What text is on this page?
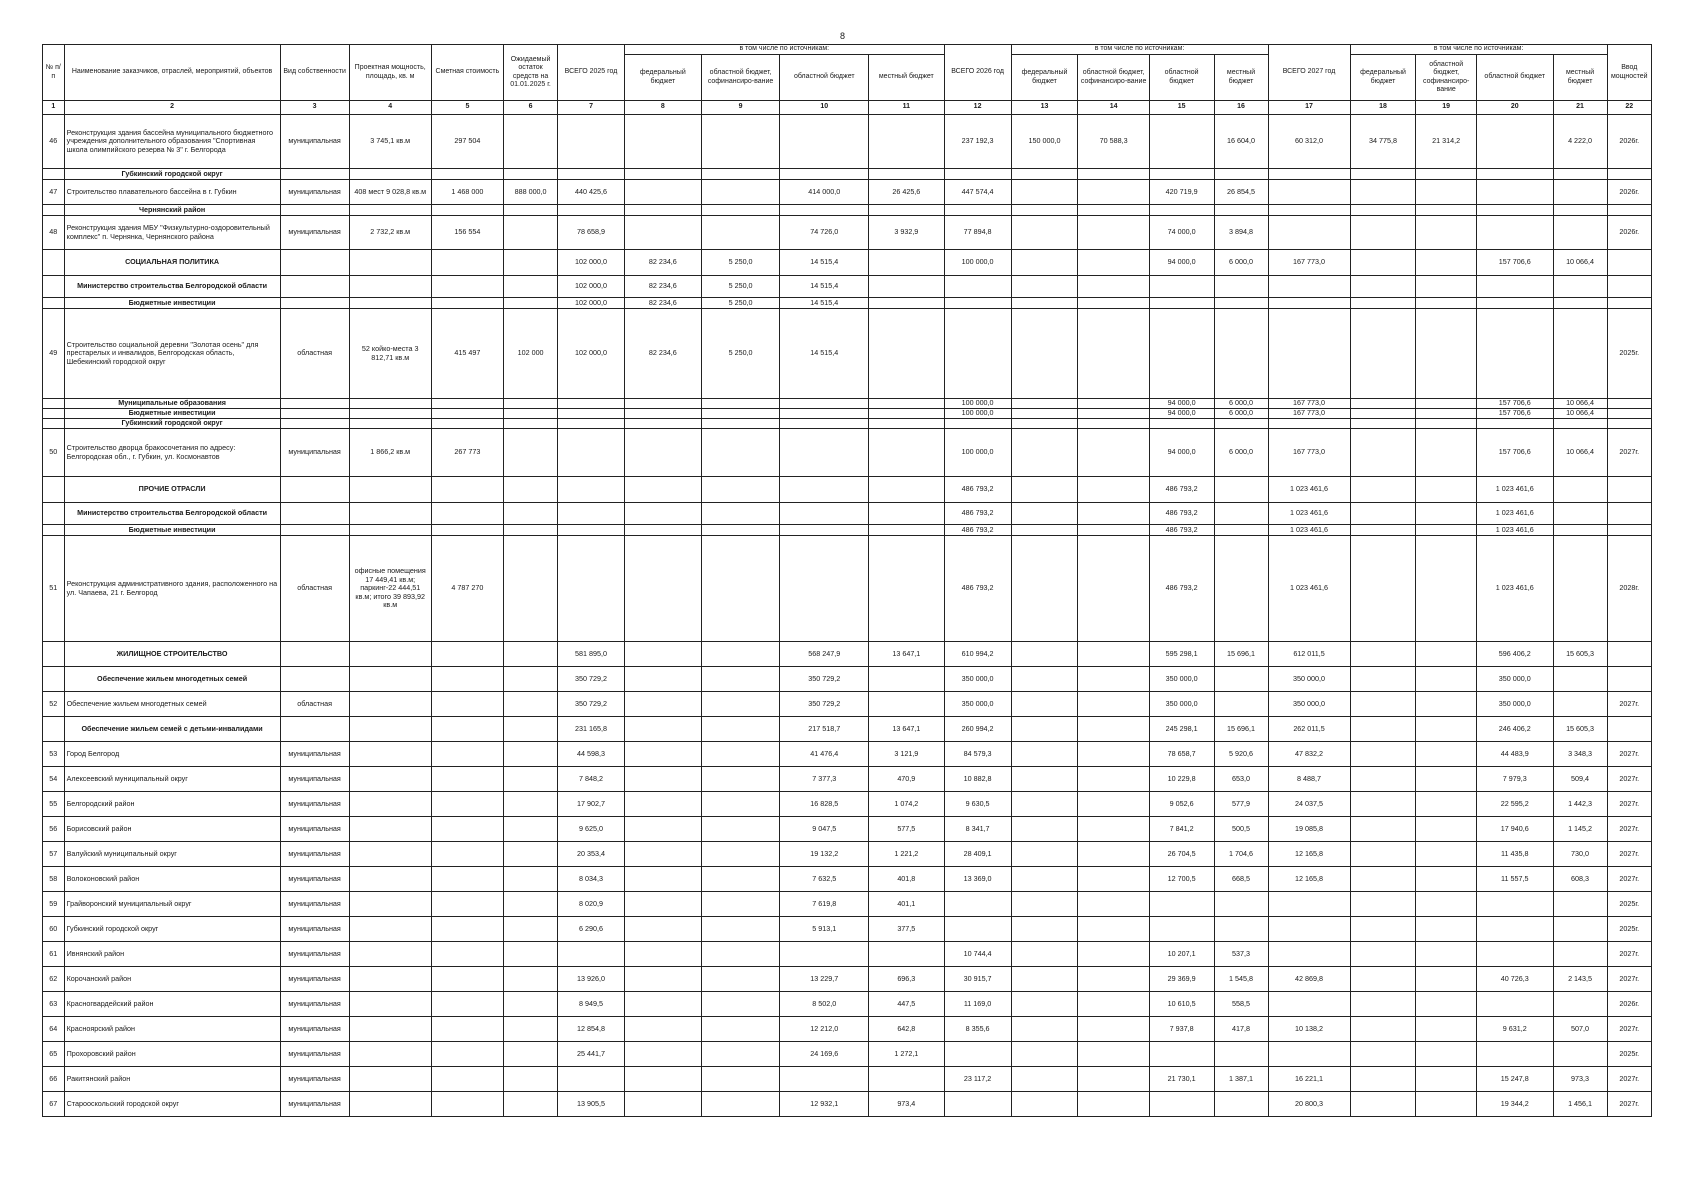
8
№ п/п	Наименование заказчиков, отраслей, мероприятий, объектов	Вид собственности	Проектная мощность, площадь, кв. м	Сметная стоимость	Ожидаемый остаток средств на 01.01.2025 г.	ВСЕГО 2025 год	в том числе по источникам:				ВСЕГО 2026 год	в том числе по источникам:				ВСЕГО 2027 год	в том числе по источникам:				Ввод мощностей
							федеральный бюджет	областной бюджет, софинансиро-вание	областной бюджет	местный бюджет		федеральный бюджет	областной бюджет, софинансиро-вание	областной бюджет	местный бюджет		федеральный бюджет	областной бюджет, софинансиро-вание	областной бюджет	местный бюджет	
1	2	3	4	5	6	7	8	9	10	11	12	13	14	15	16	17	18	19	20	21	22
46	Реконструкция здания бассейна муниципального бюджетного учреждения дополнительного образования "Спортивная школа олимпийского резерва № 3" г. Белгорода	муниципальная	3 745,1 кв.м	297 504							237 192,3	150 000,0	70 588,3		16 604,0	60 312,0	34 775,8	21 314,2		4 222,0	2026г.
	Губкинский городской округ																				
47	Строительство плавательного бассейна в г. Губкин	муниципальная	408 мест 9 028,8 кв.м	1 468 000	888 000,0	440 425,6			414 000,0	26 425,6	447 574,4			420 719,9	26 854,5						2026г.
	Чернянский район																				
48	Реконструкция здания МБУ "Физкультурно-оздоровительный комплекс" п. Чернянка, Чернянского района	муниципальная	2 732,2 кв.м	156 554		78 658,9			74 726,0	3 932,9	77 894,8			74 000,0	3 894,8						2026г.
	СОЦИАЛЬНАЯ ПОЛИТИКА					102 000,0	82 234,6	5 250,0	14 515,4		100 000,0			94 000,0	6 000,0	167 773,0			157 706,6	10 066,4	
	Министерство строительства Белгородской области					102 000,0	82 234,6	5 250,0	14 515,4												
	Бюджетные инвестиции					102 000,0	82 234,6	5 250,0	14 515,4												
49	Строительство социальной деревни "Золотая осень" для престарелых и инвалидов, Белгородская область, Шебекинский городской округ	областная	52 койко-места 3 812,71 кв.м	415 497	102 000	102 000,0	82 234,6	5 250,0	14 515,4												2025г.
	Муниципальные образования										100 000,0			94 000,0	6 000,0	167 773,0			157 706,6	10 066,4	
	Бюджетные инвестиции										100 000,0			94 000,0	6 000,0	167 773,0			157 706,6	10 066,4	
	Губкинский городской округ																				
50	Строительство дворца бракосочетания по адресу: Белгородская обл., г. Губкин, ул. Космонавтов	муниципальная	1 866,2 кв.м	267 773							100 000,0			94 000,0	6 000,0	167 773,0			157 706,6	10 066,4	2027г.
	ПРОЧИЕ ОТРАСЛИ										486 793,2			486 793,2		1 023 461,6			1 023 461,6		
	Министерство строительства Белгородской области										486 793,2			486 793,2		1 023 461,6			1 023 461,6		
	Бюджетные инвестиции										486 793,2			486 793,2		1 023 461,6			1 023 461,6		
51	Реконструкция административного здания, расположенного на ул. Чапаева, 21 г. Белгород	областная	офисные помещения 17 449,41 кв.м; паркинг-22 444,51 кв.м; итого 39 893,92 кв.м	4 787 270							486 793,2			486 793,2		1 023 461,6			1 023 461,6		2028г.
	ЖИЛИЩНОЕ СТРОИТЕЛЬСТВО					581 895,0			568 247,9	13 647,1	610 994,2			595 298,1	15 696,1	612 011,5			596 406,2	15 605,3	
	Обеспечение жильем многодетных семей					350 729,2			350 729,2		350 000,0			350 000,0		350 000,0			350 000,0		
52	Обеспечение жильем многодетных семей	областная				350 729,2			350 729,2		350 000,0			350 000,0		350 000,0			350 000,0		2027г.
	Обеспечение жильем семей с детьми-инвалидами					231 165,8			217 518,7	13 647,1	260 994,2			245 298,1	15 696,1	262 011,5			246 406,2	15 605,3	
53	Город Белгород	муниципальная				44 598,3			41 476,4	3 121,9	84 579,3			78 658,7	5 920,6	47 832,2			44 483,9	3 348,3	2027г.
54	Алексеевский муниципальный округ	муниципальная				7 848,2			7 377,3	470,9	10 882,8			10 229,8	653,0	8 488,7			7 979,3	509,4	2027г.
55	Белгородский район	муниципальная				17 902,7			16 828,5	1 074,2	9 630,5			9 052,6	577,9	24 037,5			22 595,2	1 442,3	2027г.
56	Борисовский район	муниципальная				9 625,0			9 047,5	577,5	8 341,7			7 841,2	500,5	19 085,8			17 940,6	1 145,2	2027г.
57	Валуйский муниципальный округ	муниципальная				20 353,4			19 132,2	1 221,2	28 409,1			26 704,5	1 704,6	12 165,8			11 435,8	730,0	2027г.
58	Волоконовский район	муниципальная				8 034,3			7 632,5	401,8	13 369,0			12 700,5	668,5	12 165,8			11 557,5	608,3	2027г.
59	Грайворонский муниципальный округ	муниципальная				8 020,9			7 619,8	401,1											2025г.
60	Губкинский городской округ	муниципальная				6 290,6			5 913,1	377,5											2025г.
61	Ивнянский район	муниципальная									10 744,4			10 207,1	537,3						2027г.
62	Корочанский район	муниципальная				13 926,0			13 229,7	696,3	30 915,7			29 369,9	1 545,8	42 869,8			40 726,3	2 143,5	2027г.
63	Красногвардейский район	муниципальная				8 949,5			8 502,0	447,5	11 169,0			10 610,5	558,5						2026г.
64	Красноярский район	муниципальная				12 854,8			12 212,0	642,8	8 355,6			7 937,8	417,8	10 138,2			9 631,2	507,0	2027г.
65	Прохоровский район	муниципальная				25 441,7			24 169,6	1 272,1											2025г.
66	Ракитянский район	муниципальная									23 117,2			21 730,1	1 387,1	16 221,1			15 247,8	973,3	2027г.
67	Старооскольский городской округ	муниципальная				13 905,5			12 932,1	973,4						20 800,3			19 344,2	1 456,1	2027г.
